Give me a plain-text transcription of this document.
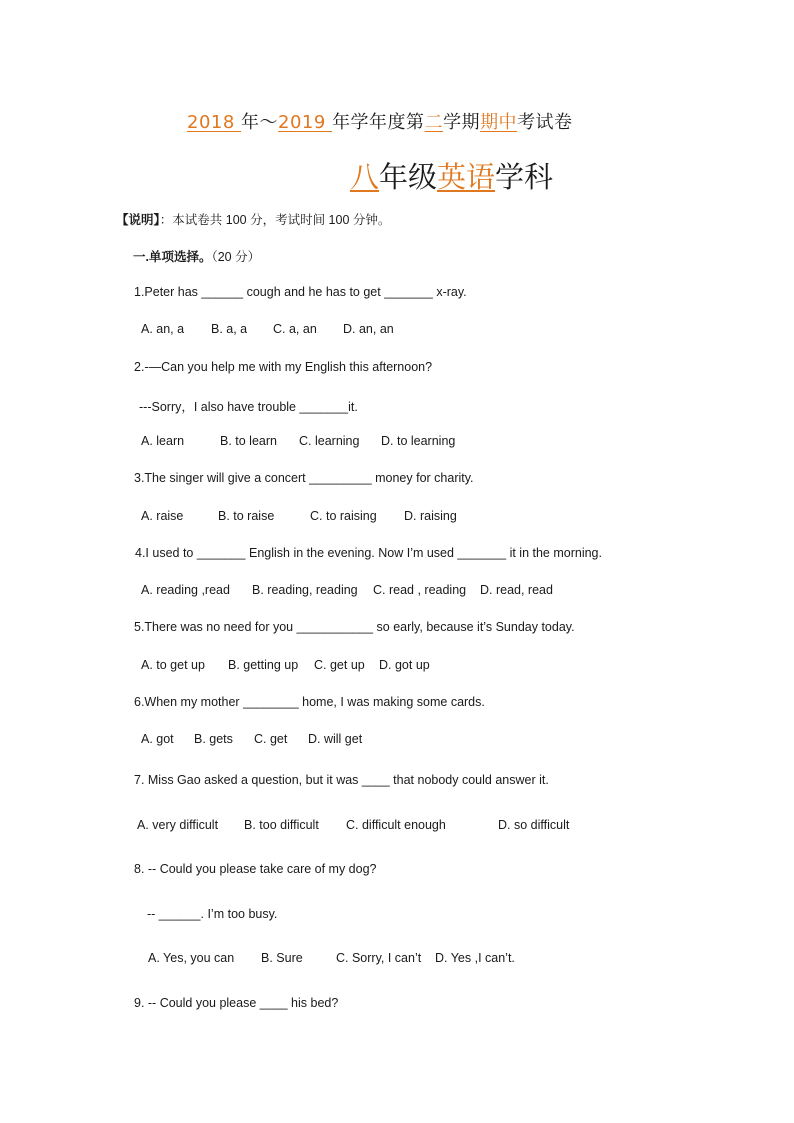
2018 年～2019 年学年度第二学期期中考试卷
八年级英语学科
【说明】：本试卷共 100 分，考试时间 100 分钟。
一.单项选择。（20 分）
1.Peter has ______ cough and he has to get _______ x-ray.
A. an, a B. a, a C. a, an D. an, an
2.-—Can you help me with my English this afternoon?
---Sorry，I also have trouble _______it.
A. learn	B. to learn C. learning D. to learning
3.The singer will give a concert _________ money for charity.
A. raise	B. to raise	C. to raising D. raising
4.I used to _______ English in the evening. Now I’m used _______ it in the morning.
A. reading ,read B. reading, reading C. read , reading D. read, read
5.There was no need for you ___________ so early, because it’s Sunday today.
A. to get up B. getting up C. get up D. got up
6.When my mother ________ home, I was making some cards.
A. got B. gets C. get D. will get
7. Miss Gao asked a question, but it was ____ that nobody could answer it.
A. very difficult B. too difficult C. difficult enough	D. so difficult
8. -- Could you please take care of my dog?
-- ______. I’m too busy.
A. Yes, you can B. Sure	C. Sorry, I can’t D. Yes ,I can’t.
9. -- Could you please ____ his bed?
